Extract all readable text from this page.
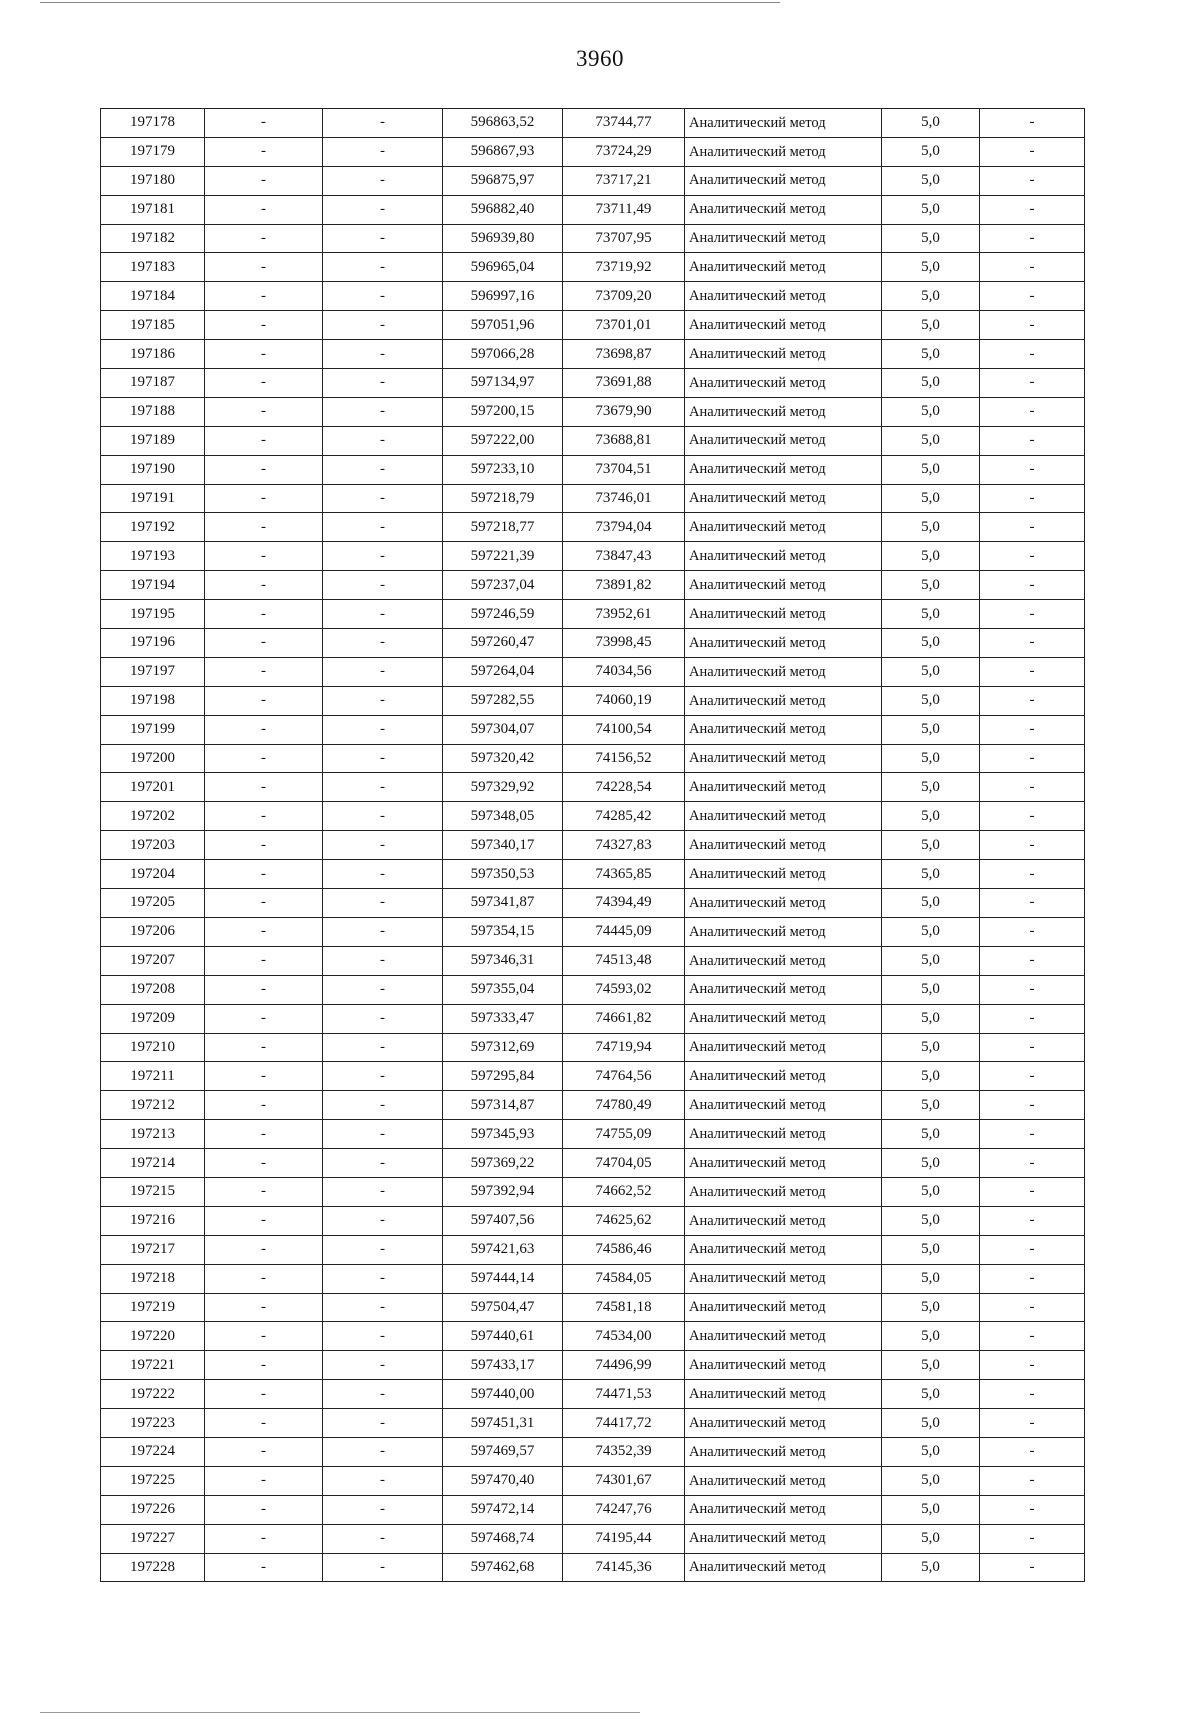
3960
197178	-	-	596863,52	73744,77	Аналитический метод	5,0	-
197179	-	-	596867,93	73724,29	Аналитический метод	5,0	-
197180	-	-	596875,97	73717,21	Аналитический метод	5,0	-
197181	-	-	596882,40	73711,49	Аналитический метод	5,0	-
197182	-	-	596939,80	73707,95	Аналитический метод	5,0	-
197183	-	-	596965,04	73719,92	Аналитический метод	5,0	-
197184	-	-	596997,16	73709,20	Аналитический метод	5,0	-
197185	-	-	597051,96	73701,01	Аналитический метод	5,0	-
197186	-	-	597066,28	73698,87	Аналитический метод	5,0	-
197187	-	-	597134,97	73691,88	Аналитический метод	5,0	-
197188	-	-	597200,15	73679,90	Аналитический метод	5,0	-
197189	-	-	597222,00	73688,81	Аналитический метод	5,0	-
197190	-	-	597233,10	73704,51	Аналитический метод	5,0	-
197191	-	-	597218,79	73746,01	Аналитический метод	5,0	-
197192	-	-	597218,77	73794,04	Аналитический метод	5,0	-
197193	-	-	597221,39	73847,43	Аналитический метод	5,0	-
197194	-	-	597237,04	73891,82	Аналитический метод	5,0	-
197195	-	-	597246,59	73952,61	Аналитический метод	5,0	-
197196	-	-	597260,47	73998,45	Аналитический метод	5,0	-
197197	-	-	597264,04	74034,56	Аналитический метод	5,0	-
197198	-	-	597282,55	74060,19	Аналитический метод	5,0	-
197199	-	-	597304,07	74100,54	Аналитический метод	5,0	-
197200	-	-	597320,42	74156,52	Аналитический метод	5,0	-
197201	-	-	597329,92	74228,54	Аналитический метод	5,0	-
197202	-	-	597348,05	74285,42	Аналитический метод	5,0	-
197203	-	-	597340,17	74327,83	Аналитический метод	5,0	-
197204	-	-	597350,53	74365,85	Аналитический метод	5,0	-
197205	-	-	597341,87	74394,49	Аналитический метод	5,0	-
197206	-	-	597354,15	74445,09	Аналитический метод	5,0	-
197207	-	-	597346,31	74513,48	Аналитический метод	5,0	-
197208	-	-	597355,04	74593,02	Аналитический метод	5,0	-
197209	-	-	597333,47	74661,82	Аналитический метод	5,0	-
197210	-	-	597312,69	74719,94	Аналитический метод	5,0	-
197211	-	-	597295,84	74764,56	Аналитический метод	5,0	-
197212	-	-	597314,87	74780,49	Аналитический метод	5,0	-
197213	-	-	597345,93	74755,09	Аналитический метод	5,0	-
197214	-	-	597369,22	74704,05	Аналитический метод	5,0	-
197215	-	-	597392,94	74662,52	Аналитический метод	5,0	-
197216	-	-	597407,56	74625,62	Аналитический метод	5,0	-
197217	-	-	597421,63	74586,46	Аналитический метод	5,0	-
197218	-	-	597444,14	74584,05	Аналитический метод	5,0	-
197219	-	-	597504,47	74581,18	Аналитический метод	5,0	-
197220	-	-	597440,61	74534,00	Аналитический метод	5,0	-
197221	-	-	597433,17	74496,99	Аналитический метод	5,0	-
197222	-	-	597440,00	74471,53	Аналитический метод	5,0	-
197223	-	-	597451,31	74417,72	Аналитический метод	5,0	-
197224	-	-	597469,57	74352,39	Аналитический метод	5,0	-
197225	-	-	597470,40	74301,67	Аналитический метод	5,0	-
197226	-	-	597472,14	74247,76	Аналитический метод	5,0	-
197227	-	-	597468,74	74195,44	Аналитический метод	5,0	-
197228	-	-	597462,68	74145,36	Аналитический метод	5,0	-
